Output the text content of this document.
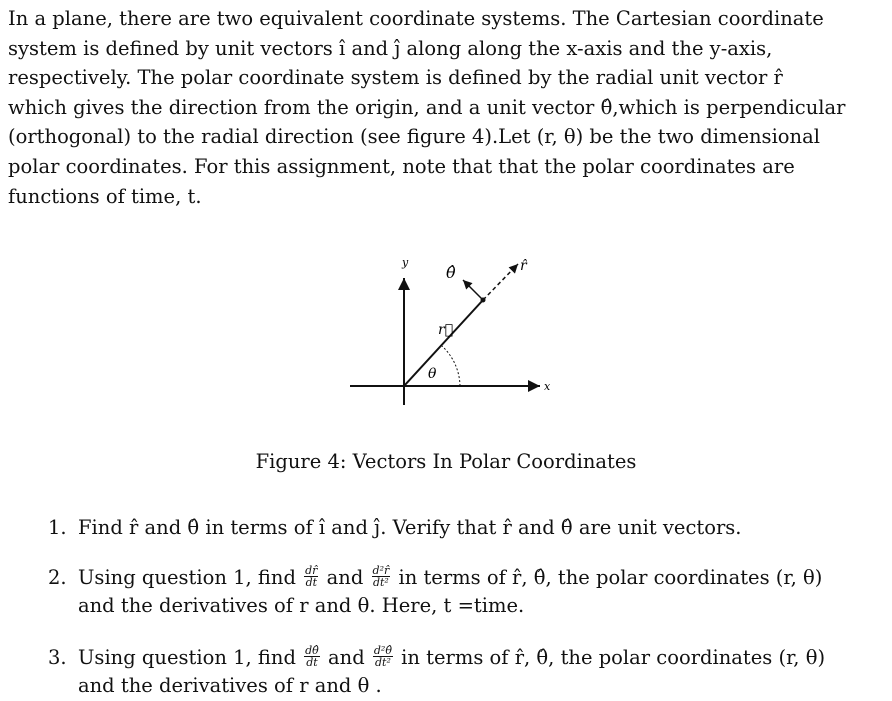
In a plane, there are two equivalent coordinate systems. The Cartesian coordinate
system is defined by unit vectors î and ĵ along along the x-axis and the y-axis,
respectively. The polar coordinate system is defined by the radial unit vector r̂
which gives the direction from the origin, and a unit vector θ̂,which is perpendicular
(orthogonal) to the radial direction (see figure 4).Let (r, θ) be the two dimensional
polar coordinates. For this assignment, note that that the polar coordinates are
functions of time, t.
y
x
θ̂	r̂
r⃗
θ
Figure 4: Vectors In Polar Coordinates
1. Find r̂ and θ̂ in terms of î and ĵ. Verify that r̂ and θ̂ are unit vectors.
2. Using question 1, find $\frac{dr̂}{dt}$ and $\frac{\text{d²r̂}}{\text{dt²}}$ in terms of r̂, θ̂, the polar coordinates (r, θ)
and the derivatives of r and θ. Here, t =time.
3. Using question 1, find $\frac{d\thetâ}{dt}$ and $\frac{\text{d²θ̂}}{\text{dt²}}$ in terms of r̂, θ̂, the polar coordinates (r, θ)
and the derivatives of r and θ .
